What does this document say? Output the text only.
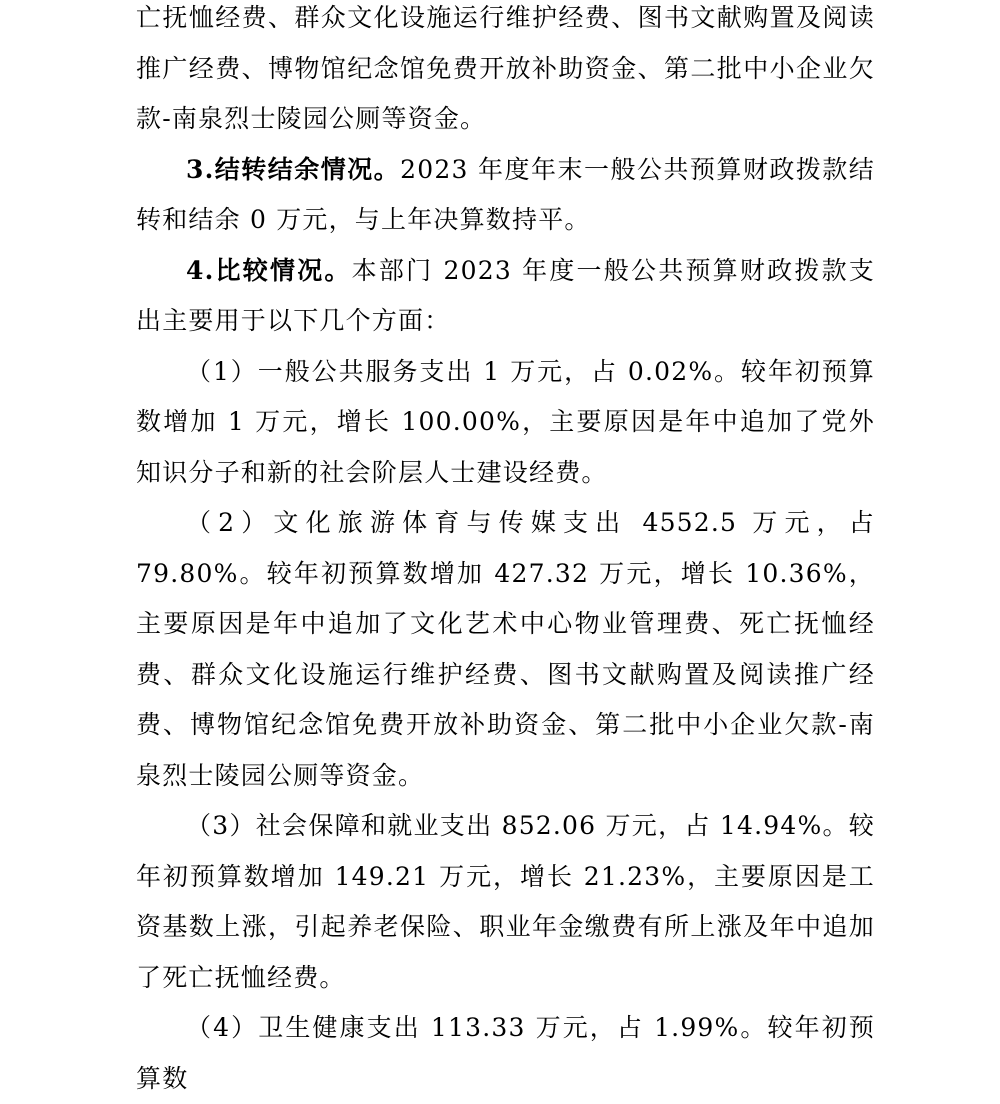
亡抚恤经费、群众文化设施运行维护经费、图书文献购置及阅读推广经费、博物馆纪念馆免费开放补助资金、第二批中小企业欠款-南泉烈士陵园公厕等资金。

3.结转结余情况。2023 年度年末一般公共预算财政拨款结转和结余 0 万元，与上年决算数持平。

4.比较情况。本部门 2023 年度一般公共预算财政拨款支出主要用于以下几个方面：

（1）一般公共服务支出 1 万元，占 0.02%。较年初预算数增加 1 万元，增长 100.00%，主要原因是年中追加了党外知识分子和新的社会阶层人士建设经费。

（2）文化旅游体育与传媒支出 4552.5 万元，占 79.80%。较年初预算数增加 427.32 万元，增长 10.36%，主要原因是年中追加了文化艺术中心物业管理费、死亡抚恤经费、群众文化设施运行维护经费、图书文献购置及阅读推广经费、博物馆纪念馆免费开放补助资金、第二批中小企业欠款-南泉烈士陵园公厕等资金。

（3）社会保障和就业支出 852.06 万元，占 14.94%。较年初预算数增加 149.21 万元，增长 21.23%，主要原因是工资基数上涨，引起养老保险、职业年金缴费有所上涨及年中追加了死亡抚恤经费。

（4）卫生健康支出 113.33 万元，占 1.99%。较年初预算数
